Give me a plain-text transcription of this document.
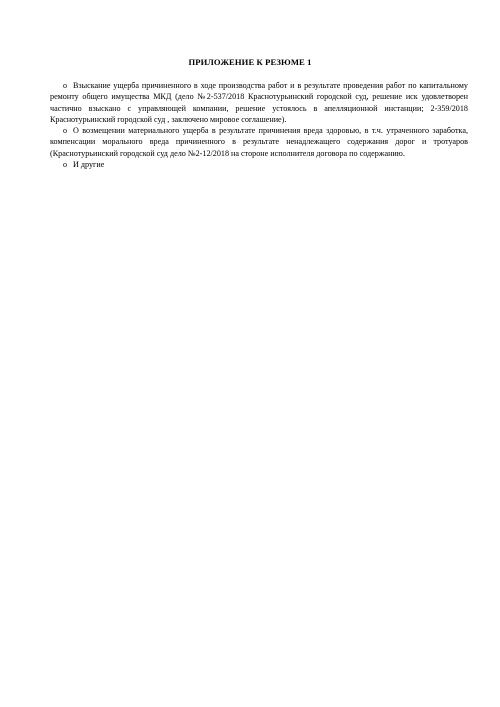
ПРИЛОЖЕНИЕ К РЕЗЮМЕ 1
o Взыскание ущерба причиненного в ходе производства работ и в результате проведения работ по капитальному ремонту общего имущества МКД (дело №2-537/2018 Краснотурьинский городской суд, решение иск удовлетворен частично взыскано с управляющей компании, решение устоялось в апелляционной инстанции; 2-359/2018 Краснотурьинский городской суд , заключено мировое соглашение).
o О возмещении материального ущерба в результате причинения вреда здоровью, в т.ч. утраченного заработка, компенсации морального вреда причиненного в результате ненадлежащего содержания дорог и тротуаров (Краснотурьинский городской суд дело №2-12/2018 на стороне исполнителя договора по содержанию.
o И другие
